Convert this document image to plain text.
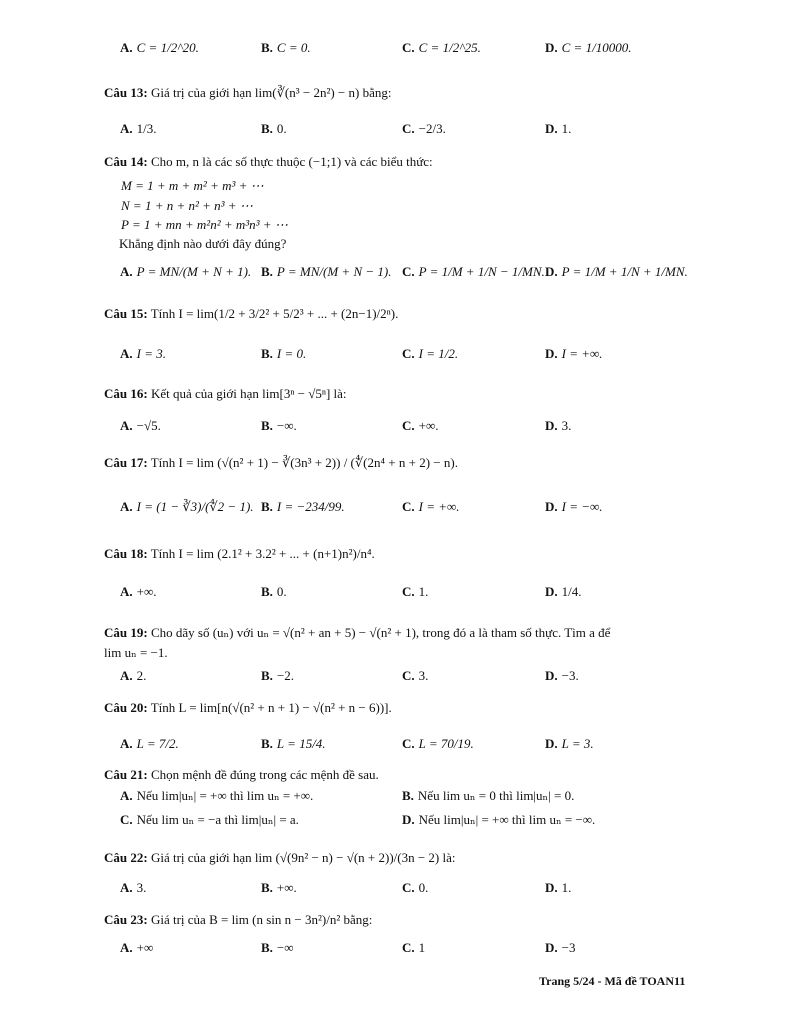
A. C = 1/2^20.	B. C = 0.	C. C = 1/2^25.	D. C = 1/10000.
Câu 13: Giá trị của giới hạn lim(∛(n³ − 2n²) − n) bằng:
A. 1/3.	B. 0.	C. −2/3.	D. 1.
Câu 14: Cho m, n là các số thực thuộc (−1;1) và các biểu thức:
M = 1 + m + m² + m³ + ⋯
N = 1 + n + n² + n³ + ⋯
P = 1 + mn + m²n² + m³n³ + ⋯
Khẳng định nào dưới đây đúng?
A. P = MN/(M + N + 1). B. P = MN/(M + N − 1). C. P = 1/M + 1/N − 1/MN. D. P = 1/M + 1/N + 1/MN.
Câu 15: Tính I = lim(1/2 + 3/2² + 5/2³ + ... + (2n−1)/2ⁿ).
A. I = 3.	B. I = 0.	C. I = 1/2.	D. I = +∞.
Câu 16: Kết quả của giới hạn lim[3ⁿ − √5ⁿ] là:
A. −√5.	B. −∞.	C. +∞.	D. 3.
Câu 17: Tính I = lim (√(n² + 1) − ∛(3n³ + 2)) / (∜(2n⁴ + n + 2) − n).
A. I = (1 − ∛3)/(∜2 − 1). B. I = −234/99.	C. I = +∞.	D. I = −∞.
Câu 18: Tính I = lim (2.1² + 3.2² + ... + (n+1)n²)/n⁴.
A. +∞.	B. 0.	C. 1.	D. 1/4.
Câu 19: Cho dãy số (uₙ) với uₙ = √(n² + an + 5) − √(n² + 1), trong đó a là tham số thực. Tìm a để
lim uₙ = −1.
A. 2.	B. −2.	C. 3.	D. −3.
Câu 20: Tính L = lim[n(√(n² + n + 1) − √(n² + n − 6))].
A. L = 7/2.	B. L = 15/4.	C. L = 70/19.	D. L = 3.
Câu 21: Chọn mệnh đề đúng trong các mệnh đề sau.
A. Nếu lim|uₙ| = +∞ thì lim uₙ = +∞.	B. Nếu lim uₙ = 0 thì lim|uₙ| = 0.
C. Nếu lim uₙ = −a thì lim|uₙ| = a.	D. Nếu lim|uₙ| = +∞ thì lim uₙ = −∞.
Câu 22: Giá trị của giới hạn lim (√(9n² − n) − √(n + 2))/(3n − 2) là:
A. 3.	B. +∞.	C. 0.	D. 1.
Câu 23: Giá trị của B = lim (n sin n − 3n²)/n² bằng:
A. +∞	B. −∞	C. 1	D. −3
Trang 5/24 - Mã đề TOAN11
